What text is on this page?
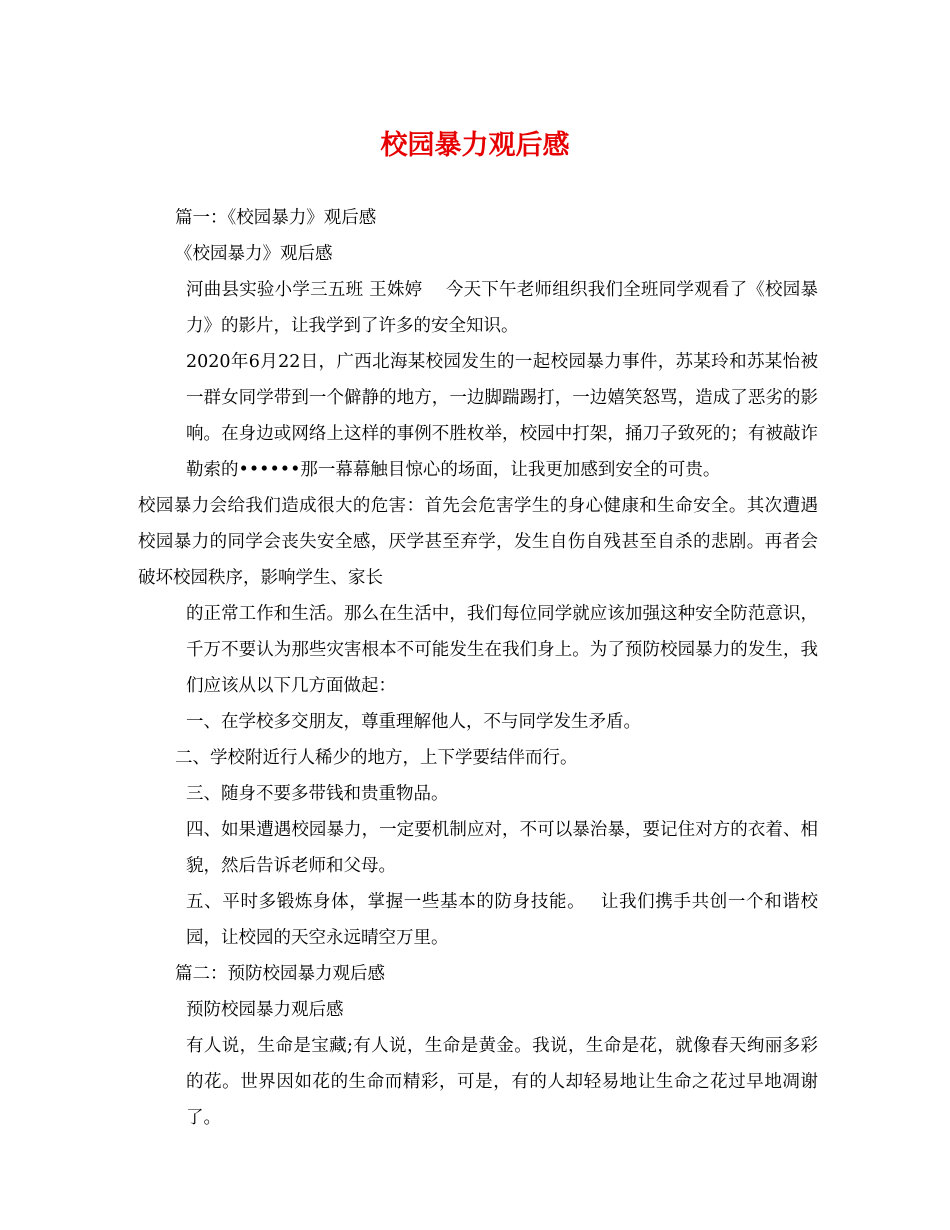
校园暴力观后感

篇一：《校园暴力》观后感

《校园暴力》观后感

河曲县实验小学三五班 王姝婷　 今天下午老师组织我们全班同学观看了《校园暴力》的影片，让我学到了许多的安全知识。

2020年6月22日，广西北海某校园发生的一起校园暴力事件，苏某玲和苏某怡被一群女同学带到一个僻静的地方，一边脚踹踢打，一边嬉笑怒骂，造成了恶劣的影响。在身边或网络上这样的事例不胜枚举，校园中打架，捅刀子致死的；有被敲诈勒索的••••••那一幕幕触目惊心的场面，让我更加感到安全的可贵。

校园暴力会给我们造成很大的危害：首先会危害学生的身心健康和生命安全。其次遭遇校园暴力的同学会丧失安全感，厌学甚至弃学，发生自伤自残甚至自杀的悲剧。再者会破坏校园秩序，影响学生、家长

的正常工作和生活。那么在生活中，我们每位同学就应该加强这种安全防范意识，千万不要认为那些灾害根本不可能发生在我们身上。为了预防校园暴力的发生，我们应该从以下几方面做起：

一、在学校多交朋友，尊重理解他人，不与同学发生矛盾。

二、学校附近行人稀少的地方，上下学要结伴而行。

三、随身不要多带钱和贵重物品。

四、如果遭遇校园暴力，一定要机制应对，不可以暴治暴，要记住对方的衣着、相貌，然后告诉老师和父母。

五、平时多锻炼身体，掌握一些基本的防身技能。　 让我们携手共创一个和谐校园，让校园的天空永远晴空万里。

篇二：预防校园暴力观后感

预防校园暴力观后感

有人说，生命是宝藏;有人说，生命是黄金。我说，生命是花，就像春天绚丽多彩的花。世界因如花的生命而精彩，可是，有的人却轻易地让生命之花过早地凋谢了。
